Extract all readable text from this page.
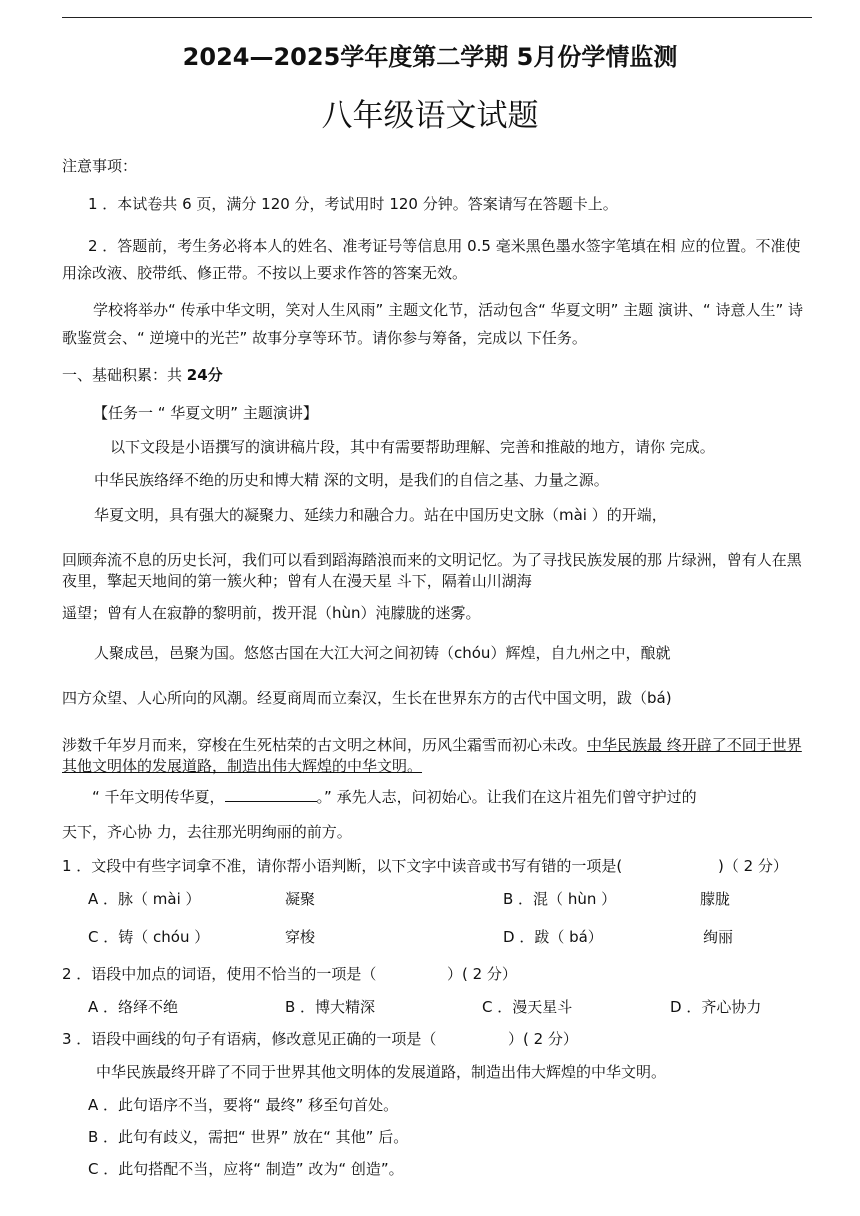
2024—2025学年度第二学期 5月份学情监测
八年级语文试题
注意事项：
1 ．本试卷共 6 页，满分 120 分，考试用时 120 分钟。答案请写在答题卡上。
2 ．答题前，考生务必将本人的姓名、准考证号等信息用 0.5 毫米黑色墨水签字笔填在相 应的位置。不准使用涂改液、胶带纸、修正带。不按以上要求作答的答案无效。
学校将举办“ 传承中华文明，笑对人生风雨” 主题文化节，活动包含“ 华夏文明” 主题 演讲、“ 诗意人生” 诗歌鉴赏会、“ 逆境中的光芒” 故事分享等环节。请你参与筹备，完成以 下任务。
一、基础积累：共 24分
【任务一 “ 华夏文明” 主题演讲】
以下文段是小语撰写的演讲稿片段，其中有需要帮助理解、完善和推敲的地方，请你 完成。
中华民族络绎不绝的历史和博大精 深的文明，是我们的自信之基、力量之源。
华夏文明，具有强大的凝聚力、延续力和融合力。站在中国历史文脉（mài ）的开端，
回顾奔流不息的历史长河，我们可以看到蹈海踏浪而来的文明记忆。为了寻找民族发展的那 片绿洲，曾有人在黑夜里，擎起天地间的第一簇火种；曾有人在漫天星 斗下，隔着山川湖海
遥望；曾有人在寂静的黎明前，拨开混（hùn）沌朦胧的迷雾。
人聚成邑，邑聚为国。悠悠古国在大江大河之间初铸（chóu）辉煌，自九州之中，酿就
四方众望、人心所向的风潮。经夏商周而立秦汉，生长在世界东方的古代中国文明，跋（bá)
涉数千年岁月而来，穿梭在生死枯荣的古文明之林间，历风尘霜雪而初心未改。中华民族最 终开辟了不同于世界其他文明体的发展道路，制造出伟大辉煌的中华文明。
“ 千年文明传华夏，	。” 承先人志，问初始心。让我们在这片祖先们曾守护过的
天下，齐心协 力，去往那光明绚丽的前方。
1 ．文段中有些字词拿不准，请你帮小语判断，以下文字中读音或书写有错的一项是(	)（ 2 分）
A ．脉（ mài ）	凝聚	B ．混（ hùn ）	朦胧
C ．铸（ chóu ）	穿梭	D ．跋（ bá）	绚丽
2 ．语段中加点的词语，使用不恰当的一项是（	）( 2 分）
A ．络绎不绝	B ．博大精深	C ．漫天星斗	D ．齐心协力
3 ．语段中画线的句子有语病，修改意见正确的一项是（	）( 2 分）
中华民族最终开辟了不同于世界其他文明体的发展道路，制造出伟大辉煌的中华文明。
A ．此句语序不当，要将“ 最终” 移至句首处。
B ．此句有歧义，需把“ 世界” 放在“ 其他” 后。
C ．此句搭配不当，应将“ 制造” 改为“ 创造”。
